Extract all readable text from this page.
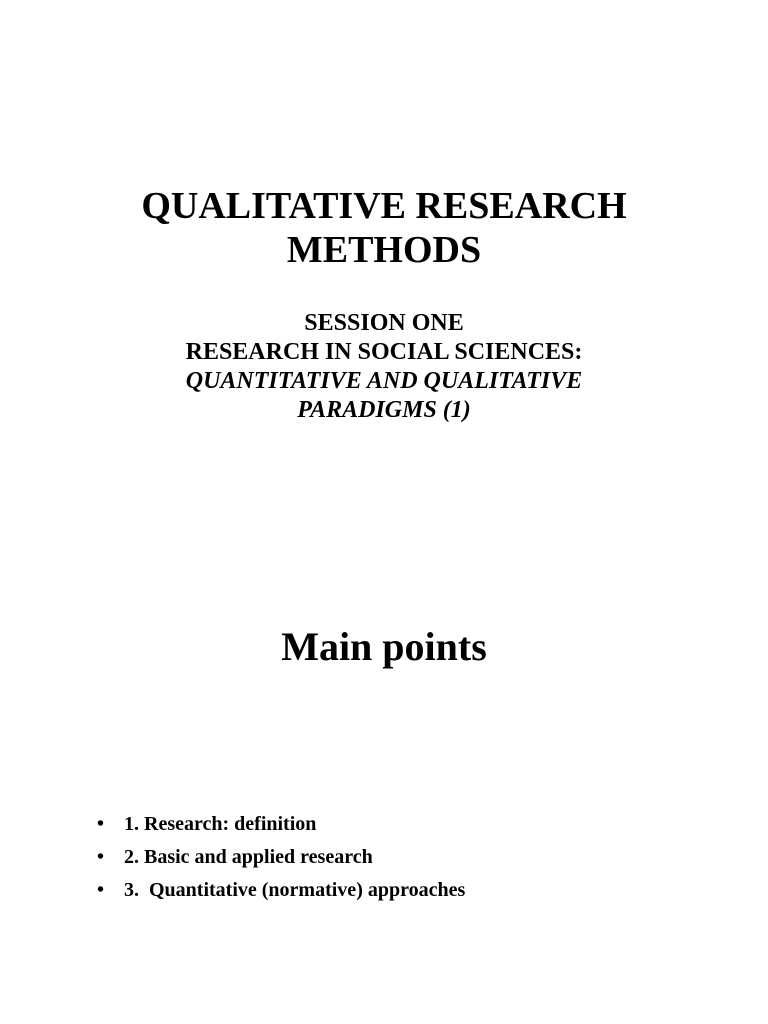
QUALITATIVE RESEARCH
METHODS
SESSION ONE
RESEARCH IN SOCIAL SCIENCES:
QUANTITATIVE AND QUALITATIVE
PARADIGMS (1)
Main points
• 1. Research: definition
• 2. Basic and applied research
• 3.  Quantitative (normative) approaches
